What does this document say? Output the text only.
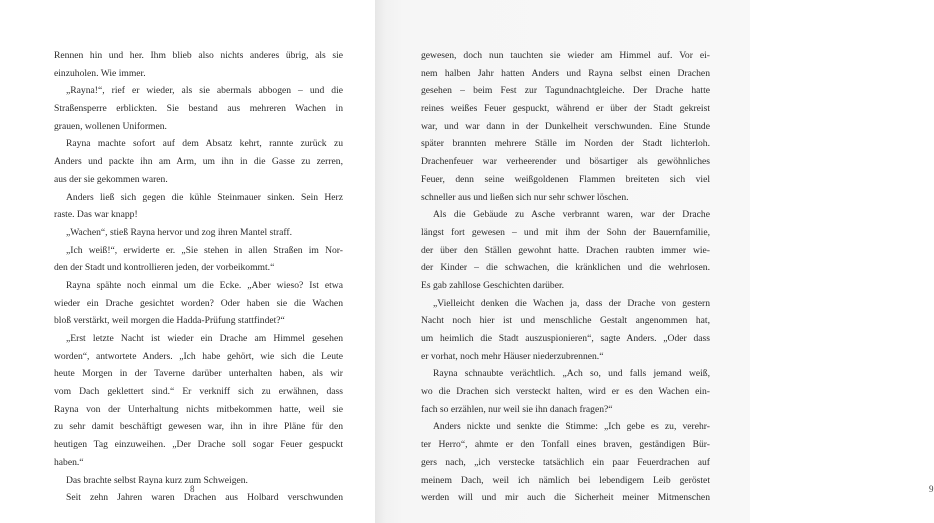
Rennen hin und her. Ihm blieb also nichts anderes übrig, als sie
einzuholen. Wie immer.
„Rayna!“, rief er wieder, als sie abermals abbogen – und die
Straßensperre erblickten. Sie bestand aus mehreren Wachen in
grauen, wollenen Uniformen.
Rayna machte sofort auf dem Absatz kehrt, rannte zurück zu
Anders und packte ihn am Arm, um ihn in die Gasse zu zerren,
aus der sie gekommen waren.
Anders ließ sich gegen die kühle Steinmauer sinken. Sein Herz
raste. Das war knapp!
„Wachen“, stieß Rayna hervor und zog ihren Mantel straff.
„Ich weiß!“, erwiderte er. „Sie stehen in allen Straßen im Nor-
den der Stadt und kontrollieren jeden, der vorbeikommt.“
Rayna spähte noch einmal um die Ecke. „Aber wieso? Ist etwa
wieder ein Drache gesichtet worden? Oder haben sie die Wachen
bloß verstärkt, weil morgen die Hadda-Prüfung stattfindet?“
„Erst letzte Nacht ist wieder ein Drache am Himmel gesehen
worden“, antwortete Anders. „Ich habe gehört, wie sich die Leute
heute Morgen in der Taverne darüber unterhalten haben, als wir
vom Dach geklettert sind.“ Er verkniff sich zu erwähnen, dass
Rayna von der Unterhaltung nichts mitbekommen hatte, weil sie
zu sehr damit beschäftigt gewesen war, ihn in ihre Pläne für den
heutigen Tag einzuweihen. „Der Drache soll sogar Feuer gespuckt
haben.“
Das brachte selbst Rayna kurz zum Schweigen.
Seit zehn Jahren waren Drachen aus Holbard verschwunden
8	9
gewesen, doch nun tauchten sie wieder am Himmel auf. Vor ei-
nem halben Jahr hatten Anders und Rayna selbst einen Drachen
gesehen – beim Fest zur Tagundnachtgleiche. Der Drache hatte
reines weißes Feuer gespuckt, während er über der Stadt gekreist
war, und war dann in der Dunkelheit verschwunden. Eine Stunde
später brannten mehrere Ställe im Norden der Stadt lichterloh.
Drachenfeuer war verheerender und bösartiger als gewöhnliches
Feuer, denn seine weißgoldenen Flammen breiteten sich viel
schneller aus und ließen sich nur sehr schwer löschen.
Als die Gebäude zu Asche verbrannt waren, war der Drache
längst fort gewesen – und mit ihm der Sohn der Bauernfamilie,
der über den Ställen gewohnt hatte. Drachen raubten immer wie-
der Kinder – die schwachen, die kränklichen und die wehrlosen.
Es gab zahllose Geschichten darüber.
„Vielleicht denken die Wachen ja, dass der Drache von gestern
Nacht noch hier ist und menschliche Gestalt angenommen hat,
um heimlich die Stadt auszuspionieren“, sagte Anders. „Oder dass
er vorhat, noch mehr Häuser niederzubrennen.“
Rayna schnaubte verächtlich. „Ach so, und falls jemand weiß,
wo die Drachen sich versteckt halten, wird er es den Wachen ein-
fach so erzählen, nur weil sie ihn danach fragen?“
Anders nickte und senkte die Stimme: „Ich gebe es zu, verehr-
ter Herro“, ahmte er den Tonfall eines braven, geständigen Bür-
gers nach, „ich verstecke tatsächlich ein paar Feuerdrachen auf
meinem Dach, weil ich nämlich bei lebendigem Leib geröstet
werden will und mir auch die Sicherheit meiner Mitmenschen
